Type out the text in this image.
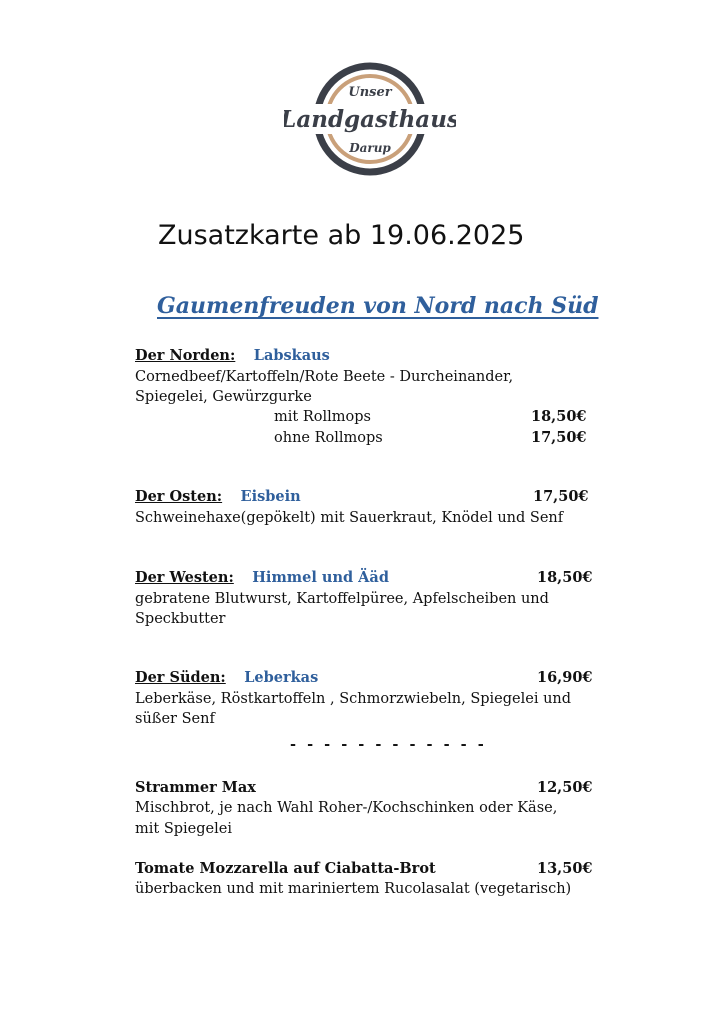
Unser
Landgasthaus
Darup
Zusatzkarte ab 19.06.2025
Gaumenfreuden von Nord nach Süd
Der Norden: Labskaus
Cornedbeef/Kartoffeln/Rote Beete - Durcheinander,
Spiegelei, Gewürzgurke
mit Rollmops	18,50€
ohne Rollmops	17,50€
Der Osten: Eisbein	17,50€
Schweinehaxe(gepökelt) mit Sauerkraut, Knödel und Senf
Der Westen: Himmel und Ääd	18,50€
gebratene Blutwurst, Kartoffelpüree, Apfelscheiben und
Speckbutter
Der Süden: Leberkas	16,90€
Leberkäse, Röstkartoffeln , Schmorzwiebeln, Spiegelei und
süßer Senf
- - - - - - - - - - - -
Strammer Max	12,50€
Mischbrot, je nach Wahl Roher-/Kochschinken oder Käse,
mit Spiegelei
Tomate Mozzarella auf Ciabatta-Brot	13,50€
überbacken und mit mariniertem Rucolasalat (vegetarisch)
